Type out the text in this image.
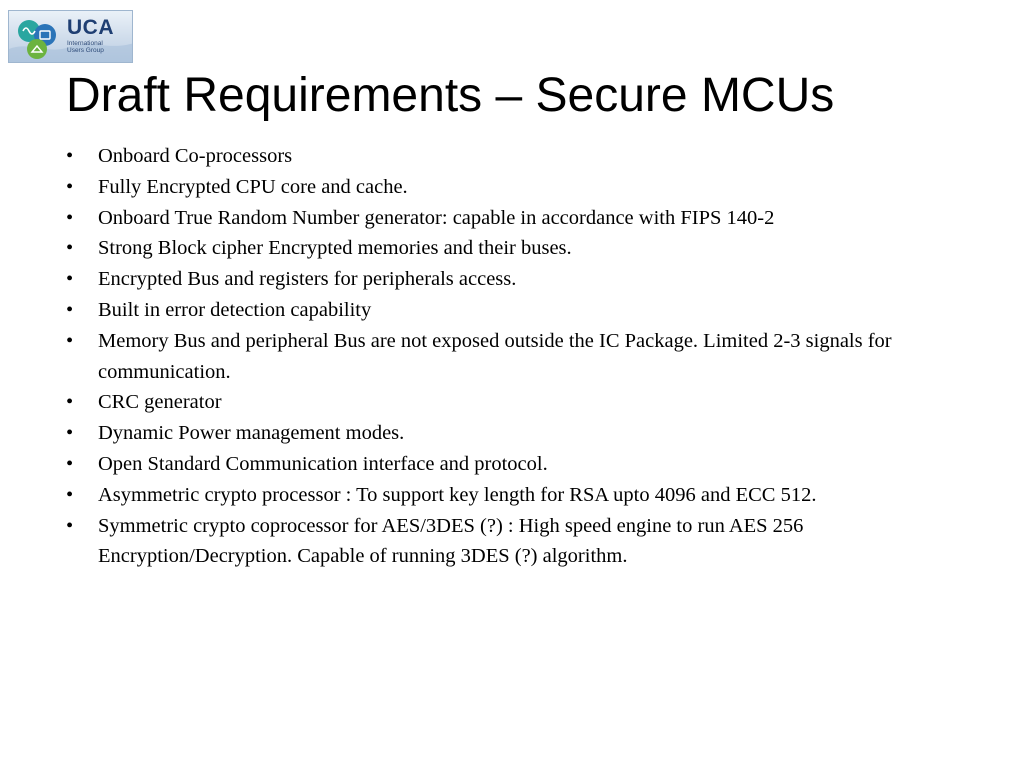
UCA
International
Users Group
Draft Requirements – Secure MCUs
•	Onboard Co-processors
•	Fully Encrypted CPU core and cache.
•	Onboard True Random Number generator: capable in accordance with FIPS 140-2
•	Strong Block cipher Encrypted memories and their buses.
•	Encrypted Bus and registers for peripherals access.
•	Built in error detection capability
•	Memory Bus and peripheral Bus are not exposed outside the IC Package. Limited 2-3 signals for communication.
•	CRC generator
•	Dynamic Power management modes.
•	Open Standard Communication interface and protocol.
•	Asymmetric crypto processor : To support key length for RSA upto 4096 and ECC 512.
•	Symmetric crypto coprocessor for AES/3DES (?) : High speed engine to run AES 256 Encryption/Decryption. Capable of running 3DES (?) algorithm.
